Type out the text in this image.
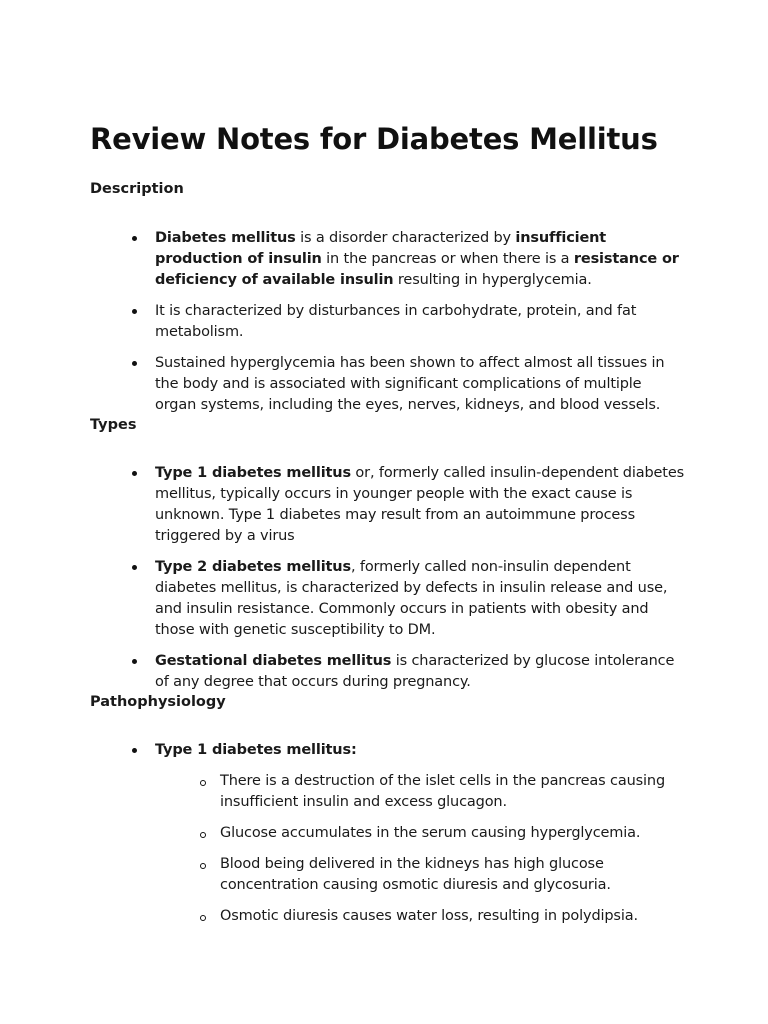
Review Notes for Diabetes Mellitus
Description
Diabetes mellitus is a disorder characterized by insufficient production of insulin in the pancreas or when there is a resistance or deficiency of available insulin resulting in hyperglycemia.
It is characterized by disturbances in carbohydrate, protein, and fat metabolism.
Sustained hyperglycemia has been shown to affect almost all tissues in the body and is associated with significant complications of multiple organ systems, including the eyes, nerves, kidneys, and blood vessels.
Types
Type 1 diabetes mellitus or, formerly called insulin-dependent diabetes mellitus, typically occurs in younger people with the exact cause is unknown. Type 1 diabetes may result from an autoimmune process triggered by a virus
Type 2 diabetes mellitus, formerly called non-insulin dependent diabetes mellitus, is characterized by defects in insulin release and use, and insulin resistance. Commonly occurs in patients with obesity and those with genetic susceptibility to DM.
Gestational diabetes mellitus is characterized by glucose intolerance of any degree that occurs during pregnancy.
Pathophysiology
Type 1 diabetes mellitus:
There is a destruction of the islet cells in the pancreas causing insufficient insulin and excess glucagon.
Glucose accumulates in the serum causing hyperglycemia.
Blood being delivered in the kidneys has high glucose concentration causing osmotic diuresis and glycosuria.
Osmotic diuresis causes water loss, resulting in polydipsia.
